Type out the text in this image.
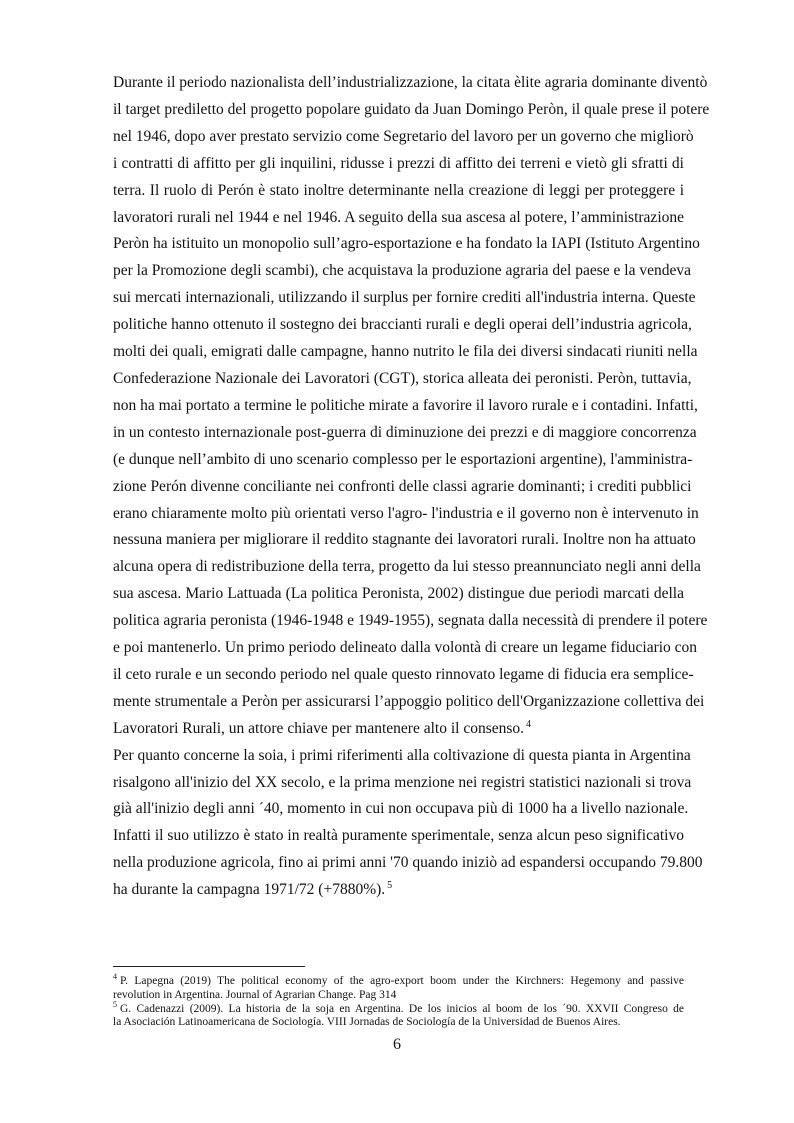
Durante il periodo nazionalista dell’industrializzazione, la citata èlite agraria dominante diventò
il target prediletto del progetto popolare guidato da Juan Domingo Peròn, il quale prese il potere
nel 1946, dopo aver prestato servizio come Segretario del lavoro per un governo che migliorò
i contratti di affitto per gli inquilini, ridusse i prezzi di affitto dei terreni e vietò gli sfratti di
terra. Il ruolo di Perón è stato inoltre determinante nella creazione di leggi per proteggere i
lavoratori rurali nel 1944 e nel 1946. A seguito della sua ascesa al potere, l’amministrazione
Peròn ha istituito un monopolio sull’agro-esportazione e ha fondato la IAPI (Istituto Argentino
per la Promozione degli scambi), che acquistava la produzione agraria del paese e la vendeva
sui mercati internazionali, utilizzando il surplus per fornire crediti all'industria interna. Queste
politiche hanno ottenuto il sostegno dei braccianti rurali e degli operai dell’industria agricola,
molti dei quali, emigrati dalle campagne, hanno nutrito le fila dei diversi sindacati riuniti nella
Confederazione Nazionale dei Lavoratori (CGT), storica alleata dei peronisti. Peròn, tuttavia,
non ha mai portato a termine le politiche mirate a favorire il lavoro rurale e i contadini. Infatti,
in un contesto internazionale post-guerra di diminuzione dei prezzi e di maggiore concorrenza
(e dunque nell’ambito di uno scenario complesso per le esportazioni argentine), l'amministra-
zione Perón divenne conciliante nei confronti delle classi agrarie dominanti; i crediti pubblici
erano chiaramente molto più orientati verso l'agro- l'industria e il governo non è intervenuto in
nessuna maniera per migliorare il reddito stagnante dei lavoratori rurali. Inoltre non ha attuato
alcuna opera di redistribuzione della terra, progetto da lui stesso preannunciato negli anni della
sua ascesa. Mario Lattuada (La politica Peronista, 2002) distingue due periodi marcati della
politica agraria peronista (1946-1948 e 1949-1955), segnata dalla necessità di prendere il potere
e poi mantenerlo. Un primo periodo delineato dalla volontà di creare un legame fiduciario con
il ceto rurale e un secondo periodo nel quale questo rinnovato legame di fiducia era semplice-
mente strumentale a Peròn per assicurarsi l’appoggio politico dell'Organizzazione collettiva dei
Lavoratori Rurali, un attore chiave per mantenere alto il consenso. $^4$
Per quanto concerne la soia, i primi riferimenti alla coltivazione di questa pianta in Argentina
risalgono all'inizio del XX secolo, e la prima menzione nei registri statistici nazionali si trova
già all'inizio degli anni ´40, momento in cui non occupava più di 1000 ha a livello nazionale.
Infatti il suo utilizzo è stato in realtà puramente sperimentale, senza alcun peso significativo
nella produzione agricola, fino ai primi anni '70 quando iniziò ad espandersi occupando 79.800
ha durante la campagna 1971/72 (+7880%). $^5$
$^4$ P. Lapegna (2019) The political economy of the agro‐export boom under the Kirchners: Hegemony and passive
revolution in Argentina. Journal of Agrarian Change. Pag 314
$^5$ G. Cadenazzi (2009). La historia de la soja en Argentina. De los inicios al boom de los ´90. XXVII Congreso de
la Asociación Latinoamericana de Sociología. VIII Jornadas de Sociología de la Universidad de Buenos Aires.
6
